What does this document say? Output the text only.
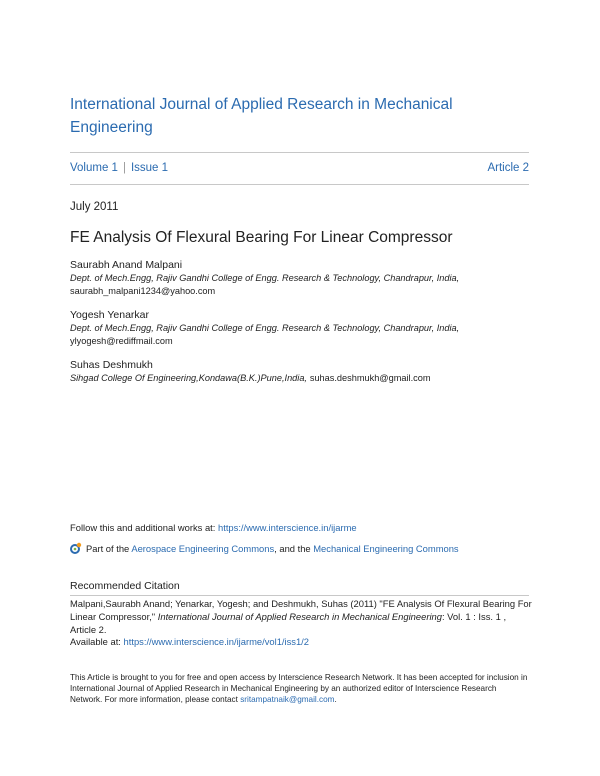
International Journal of Applied Research in Mechanical Engineering
Volume 1 | Issue 1	Article 2
July 2011
FE Analysis Of Flexural Bearing For Linear Compressor
Saurabh Anand Malpani
Dept. of Mech.Engg, Rajiv Gandhi College of Engg. Research & Technology, Chandrapur, India,
saurabh_malpani1234@yahoo.com
Yogesh Yenarkar
Dept. of Mech.Engg, Rajiv Gandhi College of Engg. Research & Technology, Chandrapur, India,
ylyogesh@rediffmail.com
Suhas Deshmukh
Sihgad College Of Engineering,Kondawa(B.K.)Pune,India, suhas.deshmukh@gmail.com
Follow this and additional works at: https://www.interscience.in/ijarme
Part of the Aerospace Engineering Commons, and the Mechanical Engineering Commons
Recommended Citation
Malpani,Saurabh Anand; Yenarkar, Yogesh; and Deshmukh, Suhas (2011) "FE Analysis Of Flexural Bearing For Linear Compressor," International Journal of Applied Research in Mechanical Engineering: Vol. 1 : Iss. 1 , Article 2.
Available at: https://www.interscience.in/ijarme/vol1/iss1/2
This Article is brought to you for free and open access by Interscience Research Network. It has been accepted for inclusion in International Journal of Applied Research in Mechanical Engineering by an authorized editor of Interscience Research Network. For more information, please contact sritampatnaik@gmail.com.
